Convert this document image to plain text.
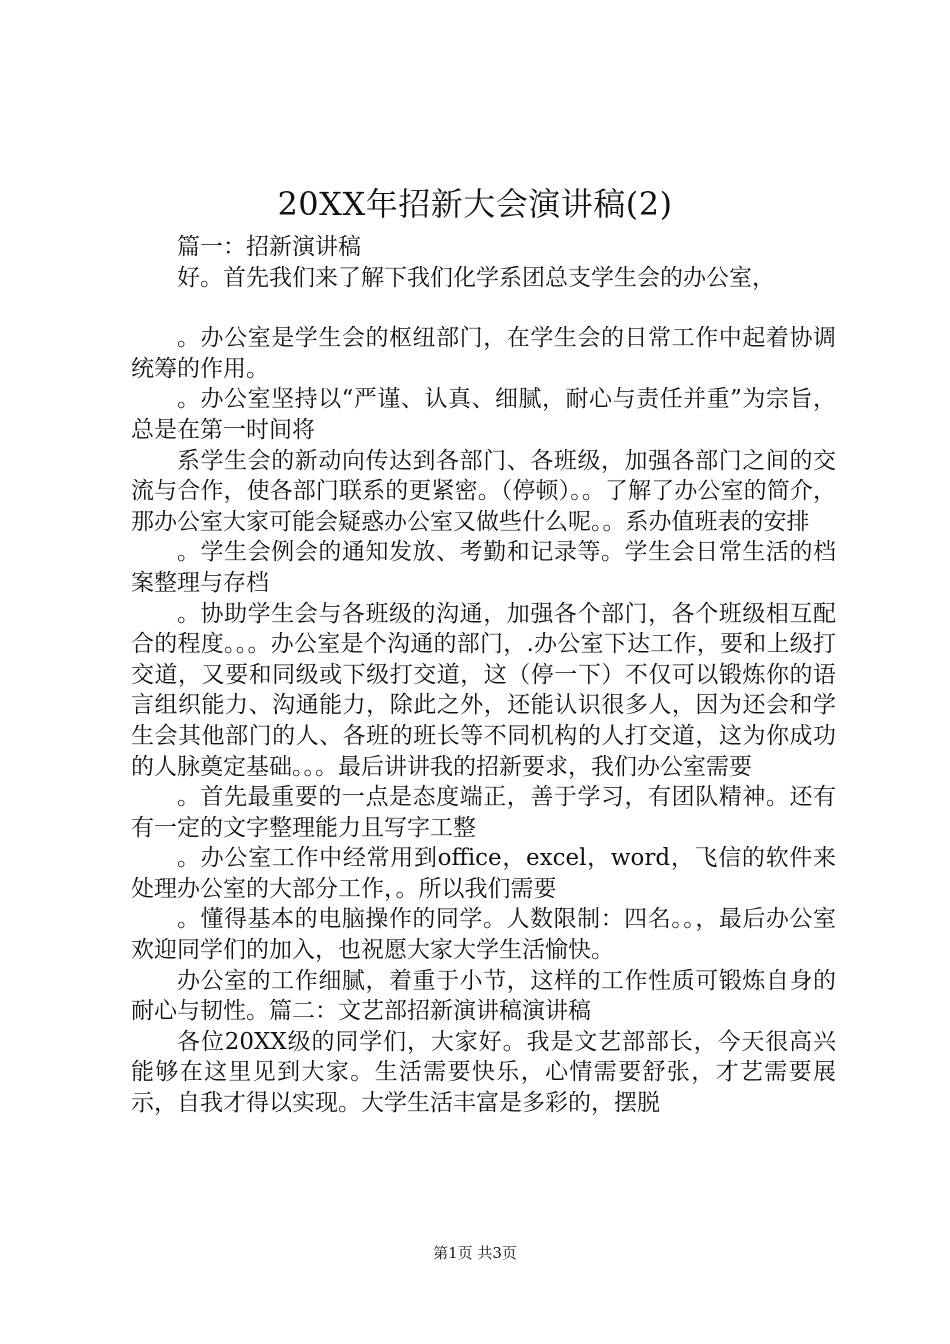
20XX年招新大会演讲稿(2)

篇一：招新演讲稿

好。首先我们来了解下我们化学系团总支学生会的办公室，

。办公室是学生会的枢纽部门，在学生会的日常工作中起着协调统筹的作用。

。办公室坚持以“严谨、认真、细腻，耐心与责任并重”为宗旨，总是在第一时间将

系学生会的新动向传达到各部门、各班级，加强各部门之间的交流与合作，使各部门联系的更紧密。（停顿）。。了解了办公室的简介，那办公室大家可能会疑惑办公室又做些什么呢。。系办值班表的安排

。学生会例会的通知发放、考勤和记录等。学生会日常生活的档案整理与存档

。协助学生会与各班级的沟通，加强各个部门，各个班级相互配合的程度。。。办公室是个沟通的部门，.办公室下达工作，要和上级打交道，又要和同级或下级打交道，这（停一下）不仅可以锻炼你的语言组织能力、沟通能力，除此之外，还能认识很多人，因为还会和学生会其他部门的人、各班的班长等不同机构的人打交道，这为你成功的人脉奠定基础。。。最后讲讲我的招新要求，我们办公室需要

。首先最重要的一点是态度端正，善于学习，有团队精神。还有有一定的文字整理能力且写字工整

。办公室工作中经常用到office，excel，word，飞信的软件来处理办公室的大部分工作，。所以我们需要

。懂得基本的电脑操作的同学。人数限制：四名。。，最后办公室欢迎同学们的加入，也祝愿大家大学生活愉快。

办公室的工作细腻，着重于小节，这样的工作性质可锻炼自身的耐心与韧性。篇二：文艺部招新演讲稿演讲稿

各位20XX级的同学们，大家好。我是文艺部部长，今天很高兴能够在这里见到大家。生活需要快乐，心情需要舒张，才艺需要展示，自我才得以实现。大学生活丰富是多彩的，摆脱

第1页 共3页
